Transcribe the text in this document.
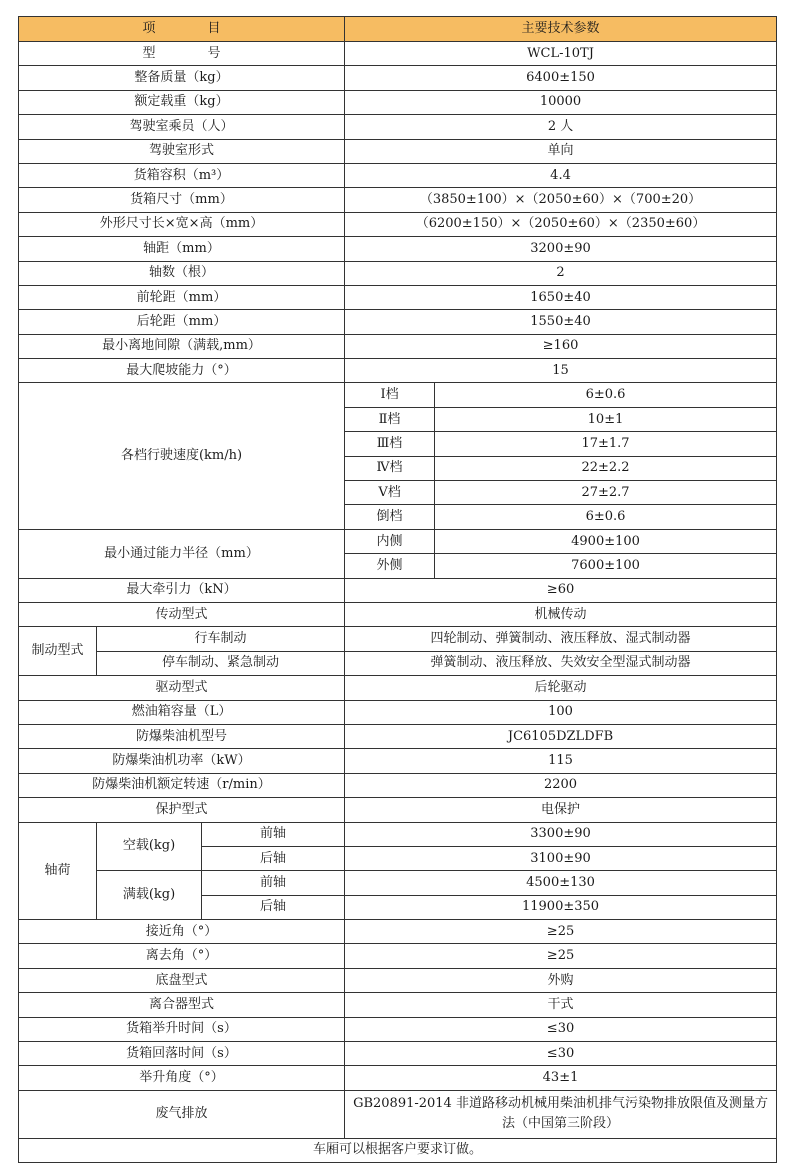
项　　　　目			主要技术参数	
型　　　　号			WCL-10TJ	
整备质量（kg）			6400±150	
额定载重（kg）			10000	
驾驶室乘员（人）			2 人	
驾驶室形式			单向	
货箱容积（m³）			4.4	
货箱尺寸（mm）			（3850±100）×（2050±60）×（700±20）	
外形尺寸长×宽×高（mm）			（6200±150）×（2050±60）×（2350±60）	
轴距（mm）			3200±90	
轴数（根）			2	
前轮距（mm）			1650±40	
后轮距（mm）			1550±40	
最小离地间隙（满载,mm）			≥160	
最大爬坡能力（°）			15	
各档行驶速度(km/h)			Ⅰ档	6±0.6
			Ⅱ档	10±1
			Ⅲ档	17±1.7
			Ⅳ档	22±2.2
			Ⅴ档	27±2.7
			倒档	6±0.6
最小通过能力半径（mm）			内侧	4900±100
			外侧	7600±100
最大牵引力（kN）			≥60	
传动型式			机械传动	
制动型式	行车制动		四轮制动、弹簧制动、液压释放、湿式制动器	
	停车制动、紧急制动		弹簧制动、液压释放、失效安全型湿式制动器	
驱动型式			后轮驱动	
燃油箱容量（L）			100	
防爆柴油机型号			JC6105DZLDFB	
防爆柴油机功率（kW）			115	
防爆柴油机额定转速（r/min）			2200	
保护型式			电保护	
轴荷	空载(kg)	前轴	3300±90	
		后轴	3100±90	
	满载(kg)	前轴	4500±130	
		后轴	11900±350	
接近角（°）			≥25	
离去角（°）			≥25	
底盘型式			外购	
离合器型式			干式	
货箱举升时间（s）			≤30	
货箱回落时间（s）			≤30	
举升角度（°）			43±1	
废气排放			GB20891-2014 非道路移动机械用柴油机排气污染物排放限值及测量方法（中国第三阶段）	
车厢可以根据客户要求订做。				
